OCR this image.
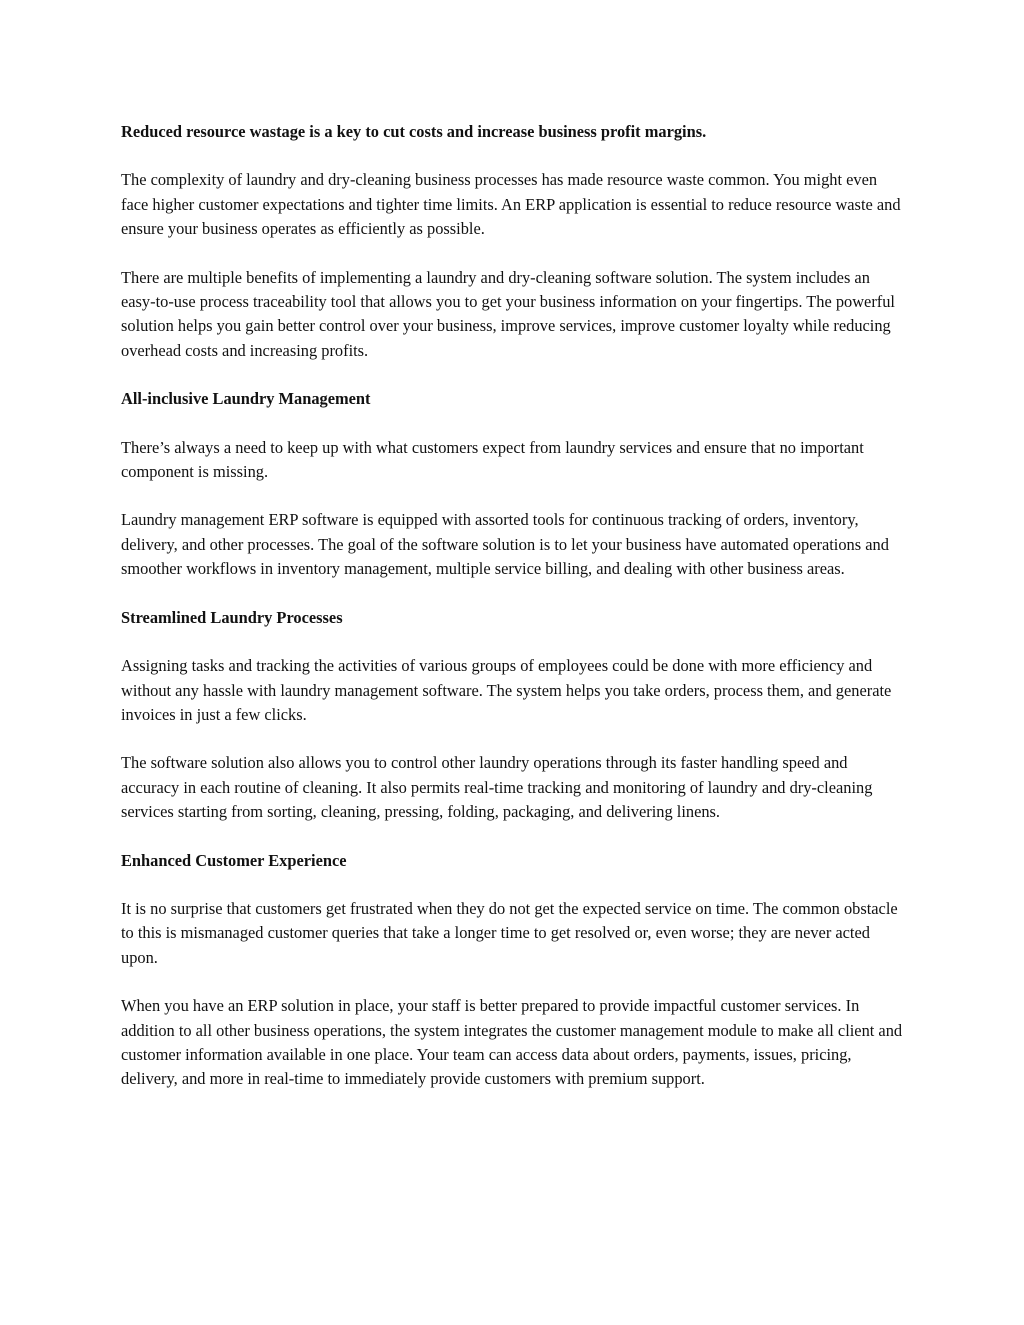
Reduced resource wastage is a key to cut costs and increase business profit margins.
The complexity of laundry and dry-cleaning business processes has made resource waste common. You might even face higher customer expectations and tighter time limits. An ERP application is essential to reduce resource waste and ensure your business operates as efficiently as possible.
There are multiple benefits of implementing a laundry and dry-cleaning software solution. The system includes an easy-to-use process traceability tool that allows you to get your business information on your fingertips. The powerful solution helps you gain better control over your business, improve services, improve customer loyalty while reducing overhead costs and increasing profits.
All-inclusive Laundry Management
There’s always a need to keep up with what customers expect from laundry services and ensure that no important component is missing.
Laundry management ERP software is equipped with assorted tools for continuous tracking of orders, inventory, delivery, and other processes. The goal of the software solution is to let your business have automated operations and smoother workflows in inventory management, multiple service billing, and dealing with other business areas.
Streamlined Laundry Processes
Assigning tasks and tracking the activities of various groups of employees could be done with more efficiency and without any hassle with laundry management software. The system helps you take orders, process them, and generate invoices in just a few clicks.
The software solution also allows you to control other laundry operations through its faster handling speed and accuracy in each routine of cleaning. It also permits real-time tracking and monitoring of laundry and dry-cleaning services starting from sorting, cleaning, pressing, folding, packaging, and delivering linens.
Enhanced Customer Experience
It is no surprise that customers get frustrated when they do not get the expected service on time. The common obstacle to this is mismanaged customer queries that take a longer time to get resolved or, even worse; they are never acted upon.
When you have an ERP solution in place, your staff is better prepared to provide impactful customer services. In addition to all other business operations, the system integrates the customer management module to make all client and customer information available in one place. Your team can access data about orders, payments, issues, pricing, delivery, and more in real-time to immediately provide customers with premium support.
